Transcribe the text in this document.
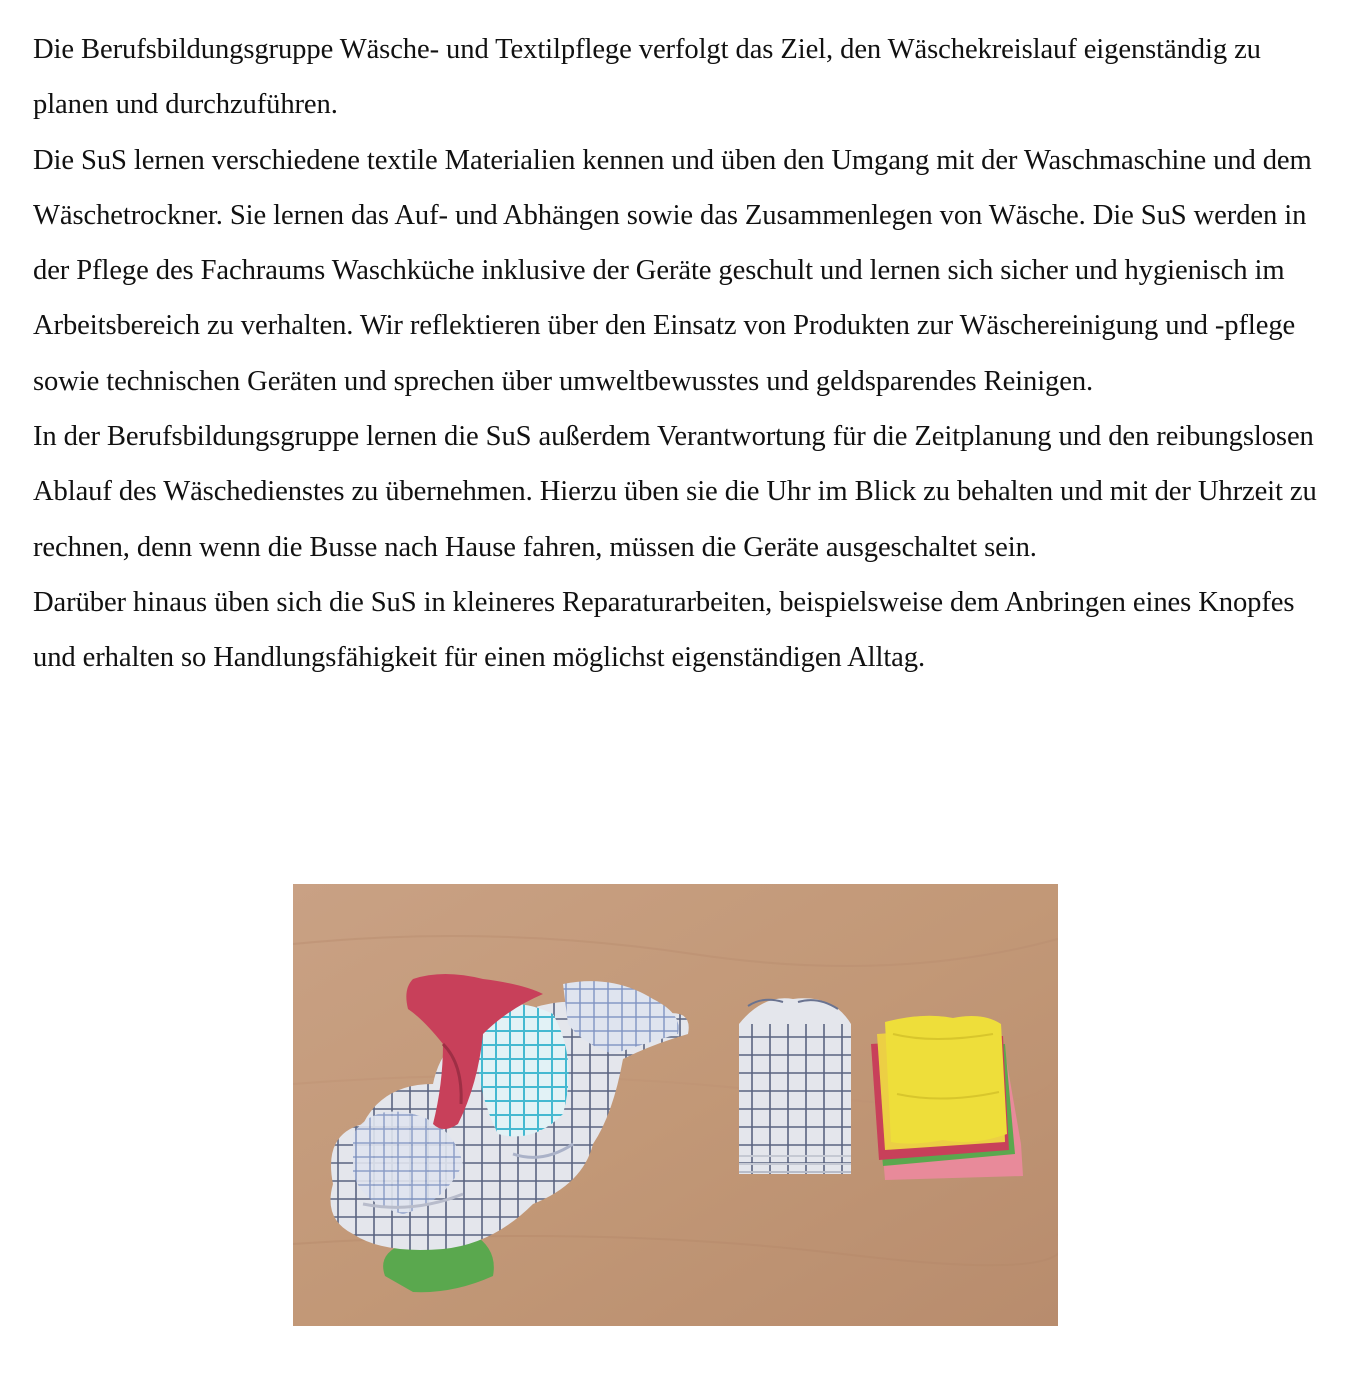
Die Berufsbildungsgruppe Wäsche- und Textilpflege verfolgt das Ziel, den Wäschekreislauf eigenständig zu planen und durchzuführen.

Die SuS lernen verschiedene textile Materialien kennen und üben den Umgang mit der Waschmaschine und dem Wäschetrockner. Sie lernen das Auf- und Abhängen sowie das Zusammenlegen von Wäsche. Die SuS werden in der Pflege des Fachraums Waschküche inklusive der Geräte geschult und lernen sich sicher und hygienisch im Arbeitsbereich zu verhalten. Wir reflektieren über den Einsatz von Produkten zur Wäschereinigung und -pflege sowie technischen Geräten und sprechen über umweltbewusstes und geldsparendes Reinigen.

In der Berufsbildungsgruppe lernen die SuS außerdem Verantwortung für die Zeitplanung und den reibungslosen Ablauf des Wäschedienstes zu übernehmen. Hierzu üben sie die Uhr im Blick zu behalten und mit der Uhrzeit zu rechnen, denn wenn die Busse nach Hause fahren, müssen die Geräte ausgeschaltet sein.

Darüber hinaus üben sich die SuS in kleineres Reparaturarbeiten, beispielsweise dem Anbringen eines Knopfes und erhalten so Handlungsfähigkeit für einen möglichst eigenständigen Alltag.
